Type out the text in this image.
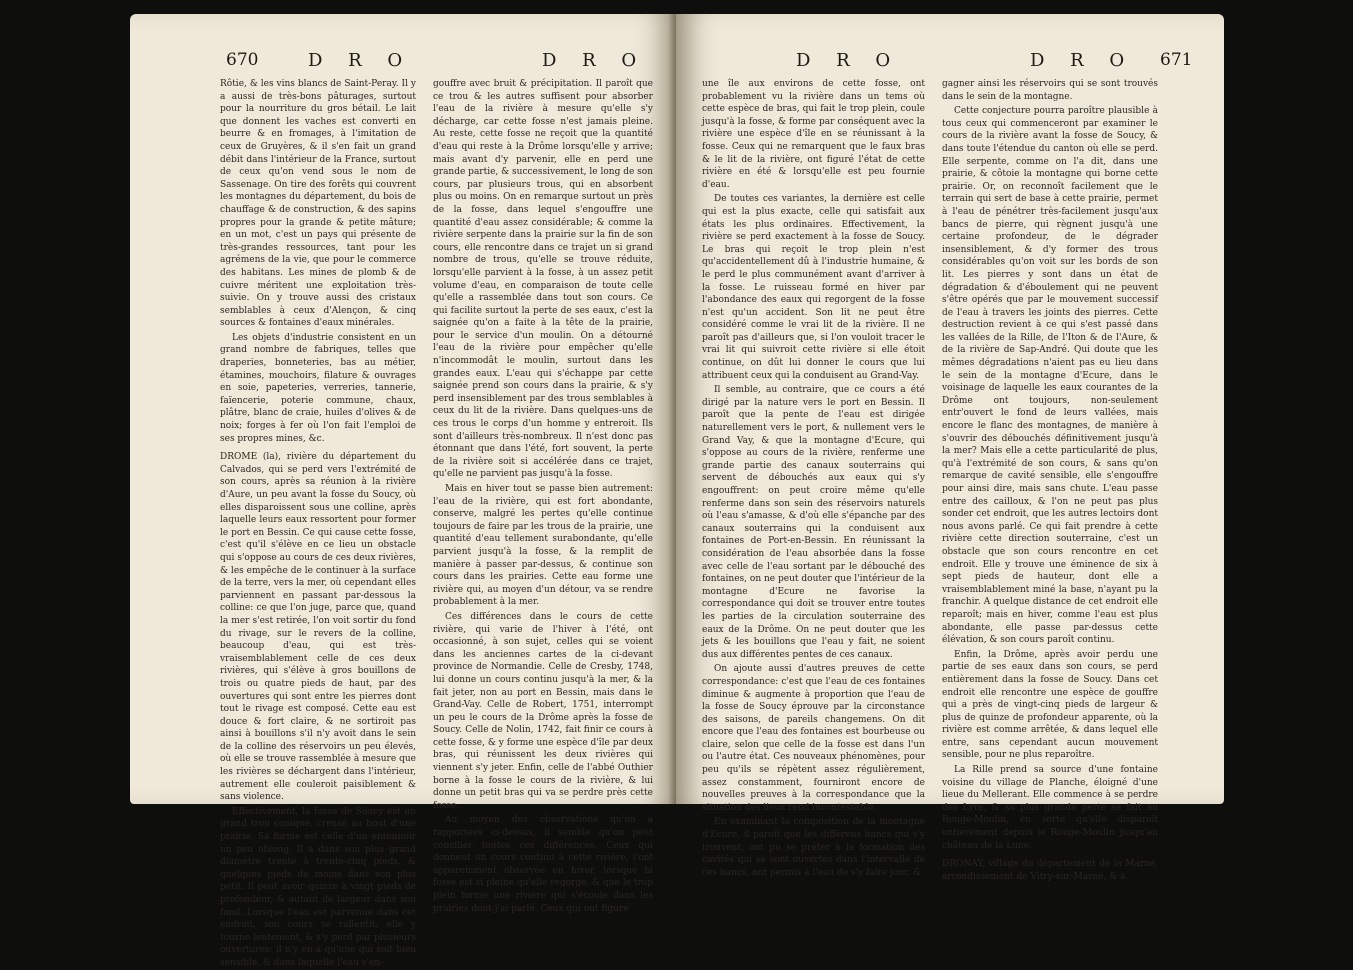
670	D R O	D R O

Rôtie, & les vins blancs de Saint-Peray. Il y a aussi de très-bons pâturages, surtout pour la nourriture du gros bétail. Le lait que donnent les vaches est converti en beurre & en fromages, à l'imitation de ceux de Gruyères, & il s'en fait un grand débit dans l'intérieur de la France, surtout de ceux qu'on vend sous le nom de Sassenage. On tire des forêts qui couvrent les montagnes du département, du bois de chauffage & de construction, & des sapins propres pour la grande & petite mâture; en un mot, c'est un pays qui présente de très-grandes ressources, tant pour les agrémens de la vie, que pour le commerce des habitans. Les mines de plomb & de cuivre méritent une exploitation très-suivie. On y trouve aussi des cristaux semblables à ceux d'Alençon, & cinq sources & fontaines d'eaux minérales.

Les objets d'industrie consistent en un grand nombre de fabriques, telles que draperies, bonneteries, bas au métier, étamines, mouchoirs, filature & ouvrages en soie, papeteries, verreries, tannerie, faïencerie, poterie commune, chaux, plâtre, blanc de craie, huiles d'olives & de noix; forges à fer où l'on fait l'emploi de ses propres mines, &c.

DROME (la), rivière du département du Calvados, qui se perd vers l'extrémité de son cours, après sa réunion à la rivière d'Aure, un peu avant la fosse du Soucy, où elles disparoissent sous une colline, après laquelle leurs eaux ressortent pour former le port en Bessin. Ce qui cause cette fosse, c'est qu'il s'élève en ce lieu un obstacle qui s'oppose au cours de ces deux rivières, & les empêche de le continuer à la surface de la terre, vers la mer, où cependant elles parviennent en passant par-dessous la colline: ce que l'on juge, parce que, quand la mer s'est retirée, l'on voit sortir du fond du rivage, sur le revers de la colline, beaucoup d'eau, qui est très-vraisemblablement celle de ces deux rivières, qui s'élève à gros bouillons de trois ou quatre pieds de haut, par des ouvertures qui sont entre les pierres dont tout le rivage est composé. Cette eau est douce & fort claire, & ne sortiroit pas ainsi à bouillons s'il n'y avoit dans le sein de la colline des réservoirs un peu élevés, où elle se trouve rassemblée à mesure que les rivières se déchargent dans l'intérieur, autrement elle couleroit paisiblement & sans violence.

Effectivement, la fosse de Soucy est un grand trou conique, creusé au bout d'une prairie. Sa forme est celle d'un entonnoir un peu oblong. Il a dans son plus grand diamètre trente à trente-cinq pieds, & quelques pieds de moins dans son plus petit. Il peut avoir quinze à vingt pieds de profondeur, & autant de largeur dans son fond. Lorsque l'eau est parvenue dans cet endroit, son cours se rallentit; elle y tourne lentement, & s'y perd par plusieurs ouvertures: il n'y en a qu'une qui soit bien sensible, & dans laquelle l'eau s'en-

gouffre avec bruit & précipitation. Il paroît que ce trou & les autres suffisent pour absorber l'eau de la rivière à mesure qu'elle s'y décharge, car cette fosse n'est jamais pleine. Au reste, cette fosse ne reçoit que la quantité d'eau qui reste à la Drôme lorsqu'elle y arrive; mais avant d'y parvenir, elle en perd une grande partie, & successivement, le long de son cours, par plusieurs trous, qui en absorbent plus ou moins. On en remarque surtout un près de la fosse, dans lequel s'engouffre une quantité d'eau assez considérable; & comme la rivière serpente dans la prairie sur la fin de son cours, elle rencontre dans ce trajet un si grand nombre de trous, qu'elle se trouve réduite, lorsqu'elle parvient à la fosse, à un assez petit volume d'eau, en comparaison de toute celle qu'elle a rassemblée dans tout son cours. Ce qui facilite surtout la perte de ses eaux, c'est la saignée qu'on a faite à la tête de la prairie, pour le service d'un moulin. On a détourné l'eau de la rivière pour empêcher qu'elle n'incommodât le moulin, surtout dans les grandes eaux. L'eau qui s'échappe par cette saignée prend son cours dans la prairie, & s'y perd insensiblement par des trous semblables à ceux du lit de la rivière. Dans quelques-uns de ces trous le corps d'un homme y entreroit. Ils sont d'ailleurs très-nombreux. Il n'est donc pas étonnant que dans l'été, fort souvent, la perte de la rivière soit si accélérée dans ce trajet, qu'elle ne parvient pas jusqu'à la fosse.

Mais en hiver tout se passe bien autrement: l'eau de la rivière, qui est fort abondante, conserve, malgré les pertes qu'elle continue toujours de faire par les trous de la prairie, une quantité d'eau tellement surabondante, qu'elle parvient jusqu'à la fosse, & la remplit de manière à passer par-dessus, & continue son cours dans les prairies. Cette eau forme une rivière qui, au moyen d'un détour, va se rendre probablement à la mer.

Ces différences dans le cours de cette rivière, qui varie de l'hiver à l'été, ont occasionné, à son sujet, celles qui se voient dans les anciennes cartes de la ci-devant province de Normandie. Celle de Cresby, 1748, lui donne un cours continu jusqu'à la mer, & la fait jeter, non au port en Bessin, mais dans le Grand-Vay. Celle de Robert, 1751, interrompt un peu le cours de la Drôme après la fosse de Soucy. Celle de Nolin, 1742, fait finir ce cours à cette fosse, & y forme une espèce d'île par deux bras, qui réunissent les deux rivières qui viennent s'y jeter. Enfin, celle de l'abbé Outhier borne à la fosse le cours de la rivière, & lui donne un petit bras qui va se perdre près cette fosse.

Au moyen des observations qu'on a rapportées ci-dessus, il semble qu'on peut concilier toutes ces différences. Ceux qui donnent un cours continu à cette rivière, l'ont apparemment observée en hiver, lorsque la fosse est si pleine qu'elle regorge, & que le trop plein forme une rivière qui s'écoule dans les prairies dont j'ai parlé. Ceux qui ont figuré

D R O	D R O 671

une île aux environs de cette fosse, ont probablement vu la rivière dans un tems où cette espèce de bras, qui fait le trop plein, coule jusqu'à la fosse, & forme par conséquent avec la rivière une espèce d'île en se réunissant à la fosse. Ceux qui ne remarquent que le faux bras & le lit de la rivière, ont figuré l'état de cette rivière en été & lorsqu'elle est peu fournie d'eau.

De toutes ces variantes, la dernière est celle qui est la plus exacte, celle qui satisfait aux états les plus ordinaires. Effectivement, la rivière se perd exactement à la fosse de Soucy. Le bras qui reçoit le trop plein n'est qu'accidentellement dû à l'industrie humaine, & le perd le plus communément avant d'arriver à la fosse. Le ruisseau formé en hiver par l'abondance des eaux qui regorgent de la fosse n'est qu'un accident. Son lit ne peut être considéré comme le vrai lit de la rivière. Il ne paroît pas d'ailleurs que, si l'on vouloit tracer le vrai lit qui suivroit cette rivière si elle étoit continue, on dût lui donner le cours que lui attribuent ceux qui la conduisent au Grand-Vay.

Il semble, au contraire, que ce cours a été dirigé par la nature vers le port en Bessin. Il paroît que la pente de l'eau est dirigée naturellement vers le port, & nullement vers le Grand Vay, & que la montagne d'Ecure, qui s'oppose au cours de la rivière, renferme une grande partie des canaux souterrains qui servent de débouchés aux eaux qui s'y engouffrent: on peut croire même qu'elle renferme dans son sein des réservoirs naturels où l'eau s'amasse, & d'où elle s'épanche par des canaux souterrains qui la conduisent aux fontaines de Port-en-Bessin. En réunissant la considération de l'eau absorbée dans la fosse avec celle de l'eau sortant par le débouché des fontaines, on ne peut douter que l'intérieur de la montagne d'Ecure ne favorise la correspondance qui doit se trouver entre toutes les parties de la circulation souterraine des eaux de la Drôme. On ne peut douter que les jets & les bouillons que l'eau y fait, ne soient dus aux différentes pentes de ces canaux.

On ajoute aussi d'autres preuves de cette correspondance: c'est que l'eau de ces fontaines diminue & augmente à proportion que l'eau de la fosse de Soucy éprouve par la circonstance des saisons, de pareils changemens. On dit encore que l'eau des fontaines est bourbeuse ou claire, selon que celle de la fosse est dans l'un ou l'autre état. Ces nouveaux phénomènes, pour peu qu'ils se répètent assez régulièrement, assez constamment, fourniront encore de nouvelles preuves à la correspondance que la situation des lieux rend incontestable.

En examinant la composition de la montagne d'Ecure, il paroît que les différens bancs qui s'y trouvent, ont pu se prêter à la formation des cavités qui se sont ouvertes dans l'intervalle de ces bancs, ont permis à l'eau de s'y faire jour, &

gagner ainsi les réservoirs qui se sont trouvés dans le sein de la montagne.

Cette conjecture pourra paroître plausible à tous ceux qui commenceront par examiner le cours de la rivière avant la fosse de Soucy, & dans toute l'étendue du canton où elle se perd. Elle serpente, comme on l'a dit, dans une prairie, & côtoie la montagne qui borne cette prairie. Or, on reconnoît facilement que le terrain qui sert de base à cette prairie, permet à l'eau de pénétrer très-facilement jusqu'aux bancs de pierre, qui règnent jusqu'à une certaine profondeur, de le dégrader insensiblement, & d'y former des trous considérables qu'on voit sur les bords de son lit. Les pierres y sont dans un état de dégradation & d'éboulement qui ne peuvent s'être opérés que par le mouvement successif de l'eau à travers les joints des pierres. Cette destruction revient à ce qui s'est passé dans les vallées de la Rille, de l'Iton & de l'Aure, & de la rivière de Sap-André. Qui doute que les mêmes dégradations n'aient pas eu lieu dans le sein de la montagne d'Ecure, dans le voisinage de laquelle les eaux courantes de la Drôme ont toujours, non-seulement entr'ouvert le fond de leurs vallées, mais encore le flanc des montagnes, de manière à s'ouvrir des débouchés définitivement jusqu'à la mer? Mais elle a cette particularité de plus, qu'à l'extrémité de son cours, & sans qu'on remarque de cavité sensible, elle s'engouffre pour ainsi dire, mais sans chute. L'eau passe entre des cailloux, & l'on ne peut pas plus sonder cet endroit, que les autres lectoirs dont nous avons parlé. Ce qui fait prendre à cette rivière cette direction souterraine, c'est un obstacle que son cours rencontre en cet endroit. Elle y trouve une éminence de six à sept pieds de hauteur, dont elle a vraisemblablement miné la base, n'ayant pu la franchir. A quelque distance de cet endroit elle reparoît; mais en hiver, comme l'eau est plus abondante, elle passe par-dessus cette élévation, & son cours paroît continu.

Enfin, la Drôme, après avoir perdu une partie de ses eaux dans son cours, se perd entièrement dans la fosse de Soucy. Dans cet endroit elle rencontre une espèce de gouffre qui a près de vingt-cinq pieds de largeur & plus de quinze de profondeur apparente, où la rivière est comme arrêtée, & dans lequel elle entre, sans cependant aucun mouvement sensible, pour ne plus reparoître.

La Rille prend sa source d'une fontaine voisine du village de Planche, éloigné d'une lieue du Mellerant. Elle commence à se perdre des Lyre, & sa plus grande perte se fait au Rouge-Moulin, en sorte qu'elle disparoît entièrement depuis le Rouge-Moulin jusqu'au château de la Lune.

DRONAY, village du département de la Marne, arrondissement de Vitry-sur-Marne, & à
